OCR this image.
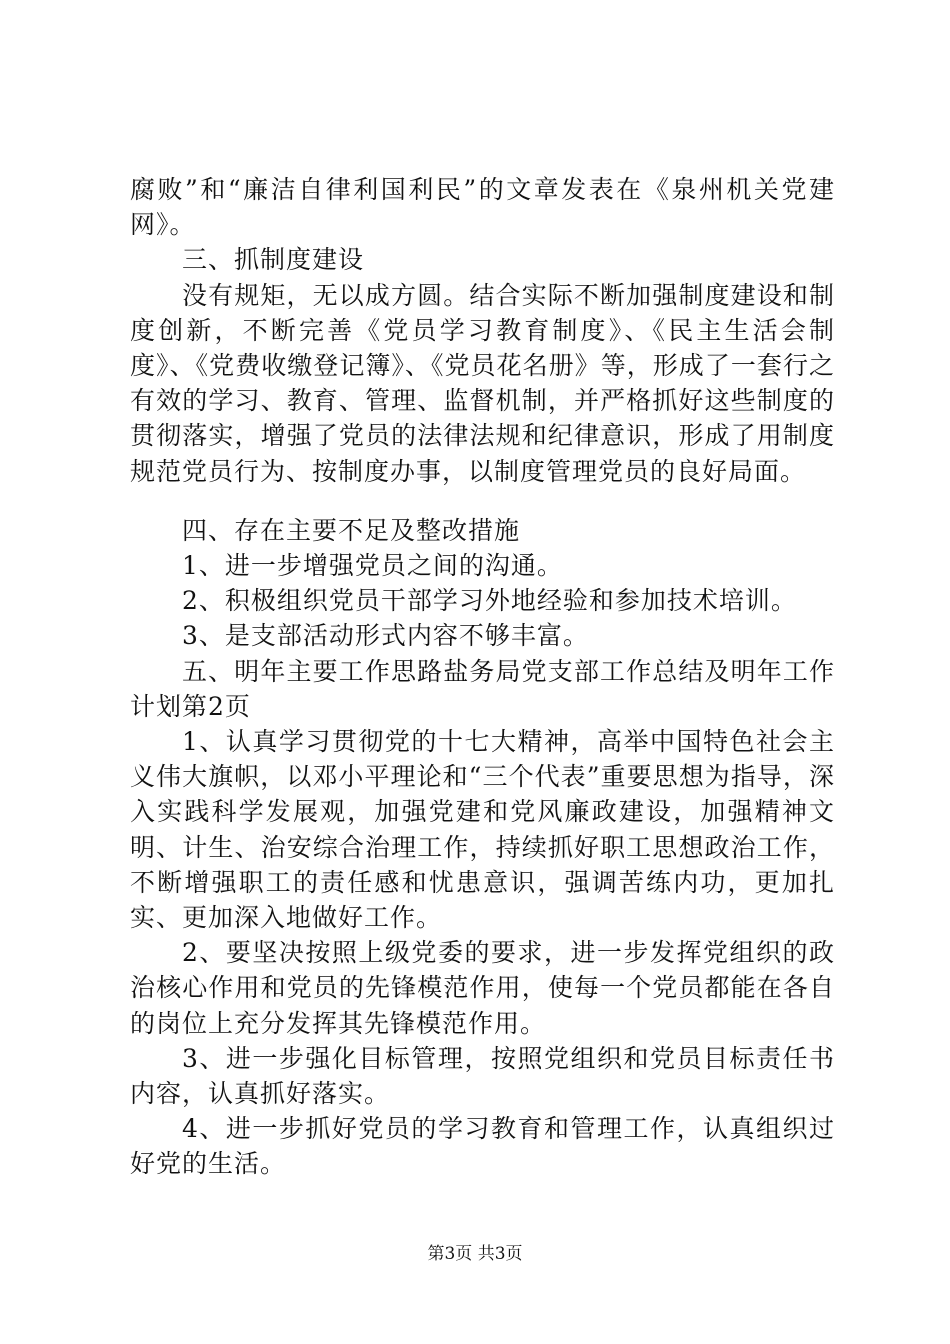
腐败”和“廉洁自律利国利民”的文章发表在《泉州机关党建网》。

三、抓制度建设

没有规矩，无以成方圆。结合实际不断加强制度建设和制度创新，不断完善《党员学习教育制度》、《民主生活会制度》、《党费收缴登记簿》、《党员花名册》等，形成了一套行之有效的学习、教育、管理、监督机制，并严格抓好这些制度的贯彻落实，增强了党员的法律法规和纪律意识，形成了用制度规范党员行为、按制度办事，以制度管理党员的良好局面。

四、存在主要不足及整改措施

1、进一步增强党员之间的沟通。

2、积极组织党员干部学习外地经验和参加技术培训。

3、是支部活动形式内容不够丰富。

五、明年主要工作思路盐务局党支部工作总结及明年工作计划第2页

1、认真学习贯彻党的十七大精神，高举中国特色社会主义伟大旗帜，以邓小平理论和“三个代表”重要思想为指导，深入实践科学发展观，加强党建和党风廉政建设，加强精神文明、计生、治安综合治理工作，持续抓好职工思想政治工作，不断增强职工的责任感和忧患意识，强调苦练内功，更加扎实、更加深入地做好工作。

2、要坚决按照上级党委的要求，进一步发挥党组织的政治核心作用和党员的先锋模范作用，使每一个党员都能在各自的岗位上充分发挥其先锋模范作用。

3、进一步强化目标管理，按照党组织和党员目标责任书内容，认真抓好落实。

4、进一步抓好党员的学习教育和管理工作，认真组织过好党的生活。

第3页 共3页
